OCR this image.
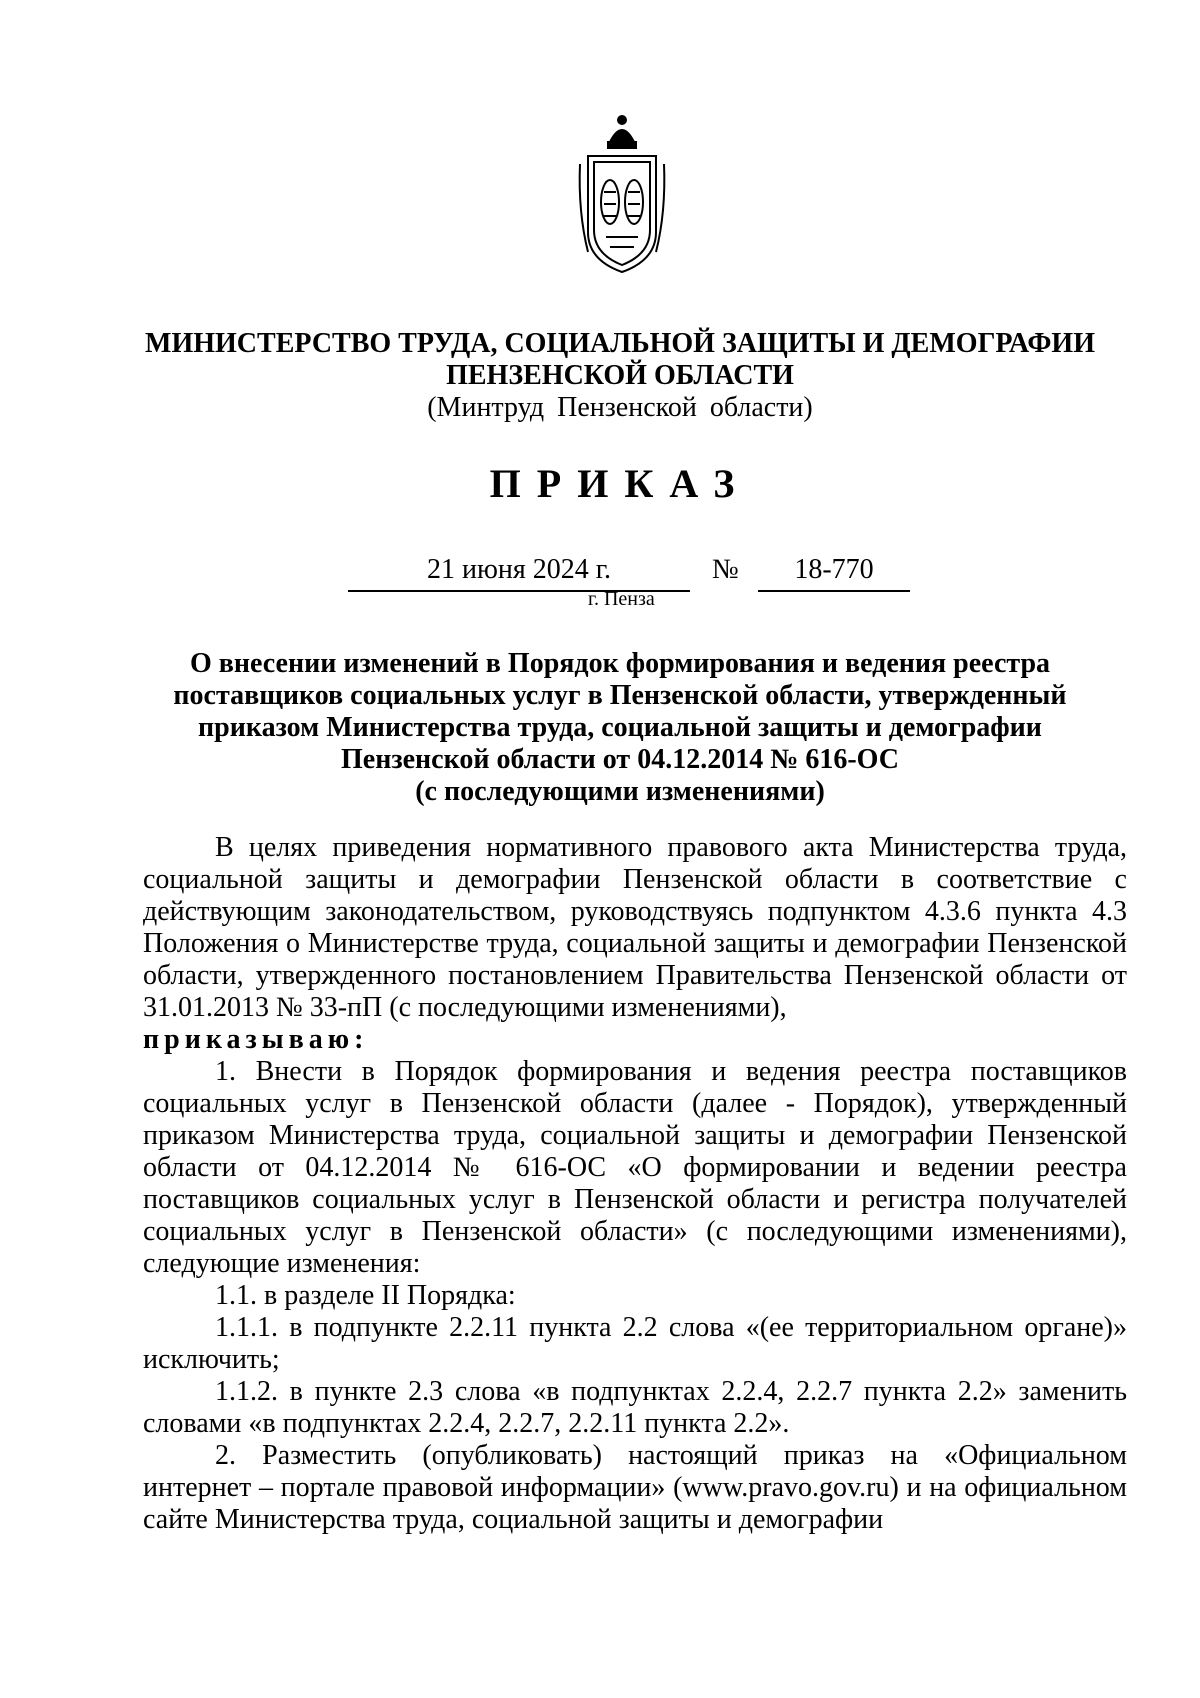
МИНИСТЕРСТВО ТРУДА, СОЦИАЛЬНОЙ ЗАЩИТЫ И ДЕМОГРАФИИ
ПЕНЗЕНСКОЙ ОБЛАСТИ
(Минтруд Пензенской области)
ПРИКАЗ
21 июня 2024 г.	№	18-770
г. Пенза
О внесении изменений в Порядок формирования и ведения реестра
поставщиков социальных услуг в Пензенской области, утвержденный
приказом Министерства труда, социальной защиты и демографии
Пензенской области от 04.12.2014 № 616-ОС
(с последующими изменениями)

В целях приведения нормативного правового акта Министерства труда, социальной защиты и демографии Пензенской области в соответствие с действующим законодательством, руководствуясь подпунктом 4.3.6 пункта 4.3 Положения о Министерстве труда, социальной защиты и демографии Пензенской области, утвержденного постановлением Правительства Пензенской области от 31.01.2013 № 33-пП (с последующими изменениями),

приказываю:

1. Внести в Порядок формирования и ведения реестра поставщиков социальных услуг в Пензенской области (далее - Порядок), утвержденный приказом Министерства труда, социальной защиты и демографии Пензенской области от 04.12.2014 № 616-ОС «О формировании и ведении реестра поставщиков социальных услуг в Пензенской области и регистра получателей социальных услуг в Пензенской области» (с последующими изменениями), следующие изменения:

1.1. в разделе II Порядка:

1.1.1. в подпункте 2.2.11 пункта 2.2 слова «(ее территориальном органе)» исключить;

1.1.2. в пункте 2.3 слова «в подпунктах 2.2.4, 2.2.7 пункта 2.2» заменить словами «в подпунктах 2.2.4, 2.2.7, 2.2.11 пункта 2.2».

2. Разместить (опубликовать) настоящий приказ на «Официальном интернет – портале правовой информации» (www.pravo.gov.ru) и на официальном сайте Министерства труда, социальной защиты и демографии
